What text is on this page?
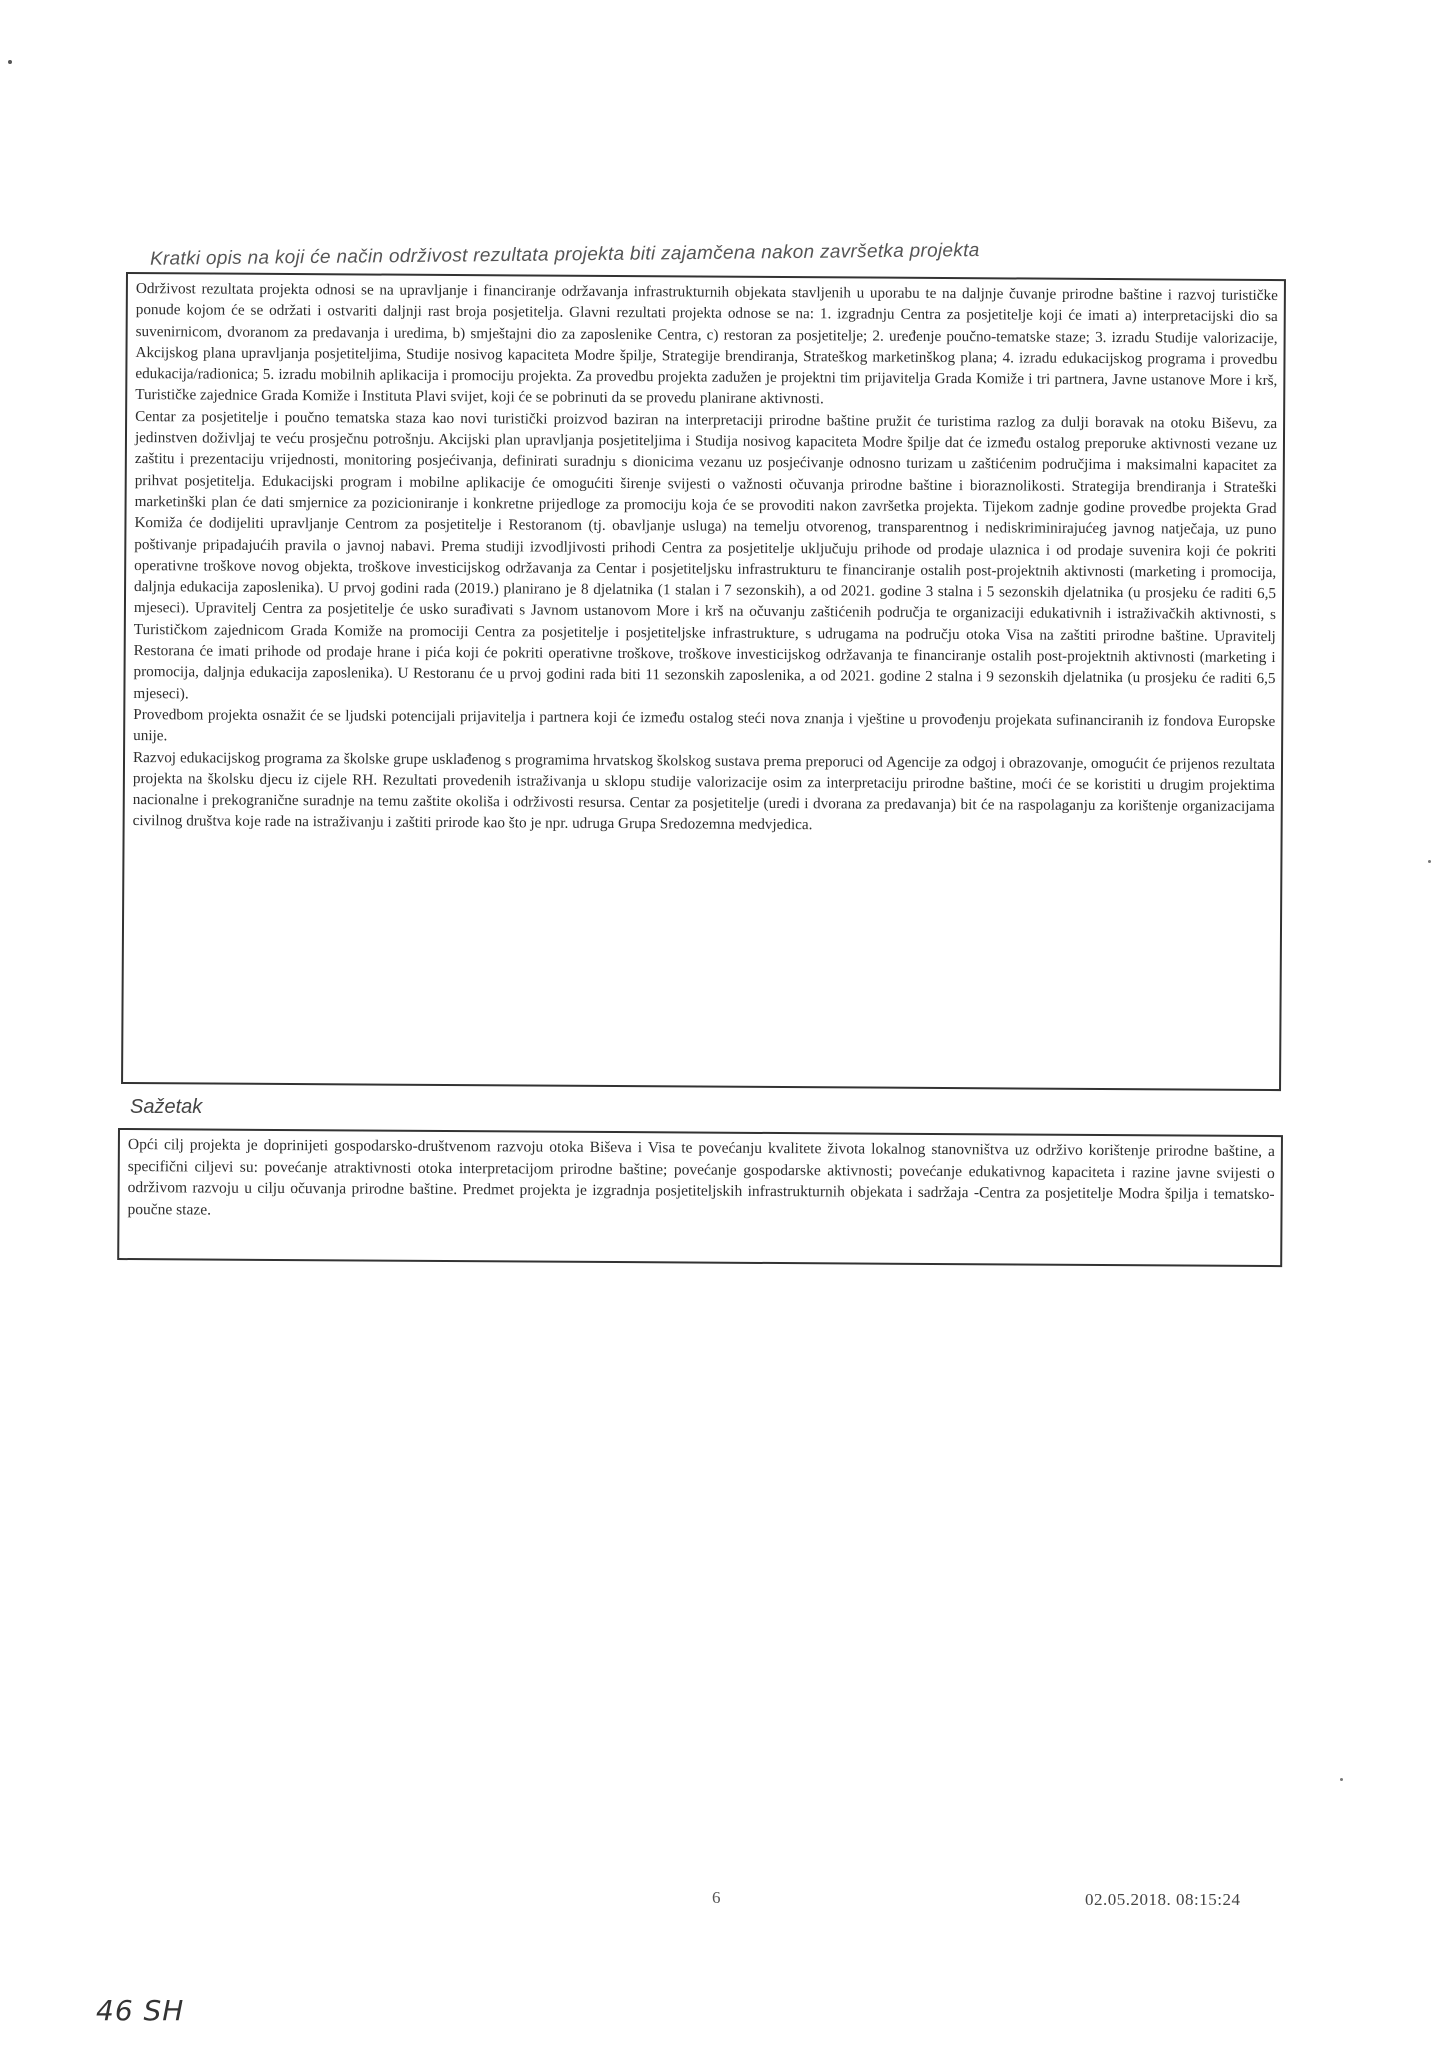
Kratki opis na koji će način održivost rezultata projekta biti zajamčena nakon završetka projekta

Održivost rezultata projekta odnosi se na upravljanje i financiranje održavanja infrastrukturnih objekata stavljenih u uporabu te na daljnje čuvanje prirodne baštine i razvoj turističke ponude kojom će se održati i ostvariti daljnji rast broja posjetitelja. Glavni rezultati projekta odnose se na: 1. izgradnju Centra za posjetitelje koji će imati a) interpretacijski dio sa suvenirnicom, dvoranom za predavanja i uredima, b) smještajni dio za zaposlenike Centra, c) restoran za posjetitelje; 2. uređenje poučno-tematske staze; 3. izradu Studije valorizacije, Akcijskog plana upravljanja posjetiteljima, Studije nosivog kapaciteta Modre špilje, Strategije brendiranja, Strateškog marketinškog plana; 4. izradu edukacijskog programa i provedbu edukacija/radionica; 5. izradu mobilnih aplikacija i promociju projekta. Za provedbu projekta zadužen je projektni tim prijavitelja Grada Komiže i tri partnera, Javne ustanove More i krš, Turističke zajednice Grada Komiže i Instituta Plavi svijet, koji će se pobrinuti da se provedu planirane aktivnosti.

Centar za posjetitelje i poučno tematska staza kao novi turistički proizvod baziran na interpretaciji prirodne baštine pružit će turistima razlog za dulji boravak na otoku Biševu, za jedinstven doživljaj te veću prosječnu potrošnju. Akcijski plan upravljanja posjetiteljima i Studija nosivog kapaciteta Modre špilje dat će između ostalog preporuke aktivnosti vezane uz zaštitu i prezentaciju vrijednosti, monitoring posjećivanja, definirati suradnju s dionicima vezanu uz posjećivanje odnosno turizam u zaštićenim područjima i maksimalni kapacitet za prihvat posjetitelja. Edukacijski program i mobilne aplikacije će omogućiti širenje svijesti o važnosti očuvanja prirodne baštine i bioraznolikosti. Strategija brendiranja i Strateški marketinški plan će dati smjernice za pozicioniranje i konkretne prijedloge za promociju koja će se provoditi nakon završetka projekta. Tijekom zadnje godine provedbe projekta Grad Komiža će dodijeliti upravljanje Centrom za posjetitelje i Restoranom (tj. obavljanje usluga) na temelju otvorenog, transparentnog i nediskriminirajućeg javnog natječaja, uz puno poštivanje pripadajućih pravila o javnoj nabavi. Prema studiji izvodljivosti prihodi Centra za posjetitelje uključuju prihode od prodaje ulaznica i od prodaje suvenira koji će pokriti operativne troškove novog objekta, troškove investicijskog održavanja za Centar i posjetiteljsku infrastrukturu te financiranje ostalih post-projektnih aktivnosti (marketing i promocija, daljnja edukacija zaposlenika). U prvoj godini rada (2019.) planirano je 8 djelatnika (1 stalan i 7 sezonskih), a od 2021. godine 3 stalna i 5 sezonskih djelatnika (u prosjeku će raditi 6,5 mjeseci). Upravitelj Centra za posjetitelje će usko surađivati s Javnom ustanovom More i krš na očuvanju zaštićenih područja te organizaciji edukativnih i istraživačkih aktivnosti, s Turističkom zajednicom Grada Komiže na promociji Centra za posjetitelje i posjetiteljske infrastrukture, s udrugama na području otoka Visa na zaštiti prirodne baštine. Upravitelj Restorana će imati prihode od prodaje hrane i pića koji će pokriti operativne troškove, troškove investicijskog održavanja te financiranje ostalih post-projektnih aktivnosti (marketing i promocija, daljnja edukacija zaposlenika). U Restoranu će u prvoj godini rada biti 11 sezonskih zaposlenika, a od 2021. godine 2 stalna i 9 sezonskih djelatnika (u prosjeku će raditi 6,5 mjeseci).

Provedbom projekta osnažit će se ljudski potencijali prijavitelja i partnera koji će između ostalog steći nova znanja i vještine u provođenju projekata sufinanciranih iz fondova Europske unije.

Razvoj edukacijskog programa za školske grupe usklađenog s programima hrvatskog školskog sustava prema preporuci od Agencije za odgoj i obrazovanje, omogućit će prijenos rezultata projekta na školsku djecu iz cijele RH. Rezultati provedenih istraživanja u sklopu studije valorizacije osim za interpretaciju prirodne baštine, moći će se koristiti u drugim projektima nacionalne i prekogranične suradnje na temu zaštite okoliša i održivosti resursa. Centar za posjetitelje (uredi i dvorana za predavanja) bit će na raspolaganju za korištenje organizacijama civilnog društva koje rade na istraživanju i zaštiti prirode kao što je npr. udruga Grupa Sredozemna medvjedica.

Sažetak

Opći cilj projekta je doprinijeti gospodarsko-društvenom razvoju otoka Biševa i Visa te povećanju kvalitete života lokalnog stanovništva uz održivo korištenje prirodne baštine, a specifični ciljevi su: povećanje atraktivnosti otoka interpretacijom prirodne baštine; povećanje gospodarske aktivnosti; povećanje edukativnog kapaciteta i razine javne svijesti o održivom razvoju u cilju očuvanja prirodne baštine. Predmet projekta je izgradnja posjetiteljskih infrastrukturnih objekata i sadržaja -Centra za posjetitelje Modra špilja i tematsko-poučne staze.

6	02.05.2018. 08:15:24
46 SH
